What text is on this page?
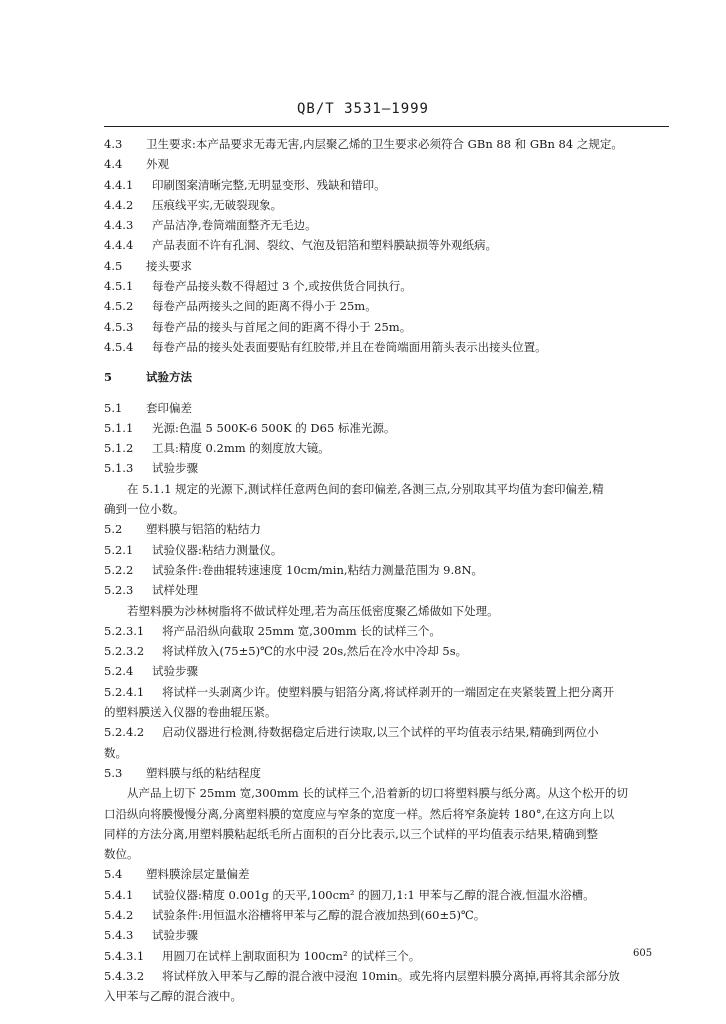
QB/T 3531—1999
4.3 卫生要求:本产品要求无毒无害,内层聚乙烯的卫生要求必须符合 GBn 88 和 GBn 84 之规定。
4.4 外观
4.4.1 印刷图案清晰完整,无明显变形、残缺和错印。
4.4.2 压痕线平实,无破裂现象。
4.4.3 产品洁净,卷筒端面整齐无毛边。
4.4.4 产品表面不许有孔洞、裂纹、气泡及铝箔和塑料膜缺损等外观纸病。
4.5 接头要求
4.5.1 每卷产品接头数不得超过 3 个,或按供货合同执行。
4.5.2 每卷产品两接头之间的距离不得小于 25m。
4.5.3 每卷产品的接头与首尾之间的距离不得小于 25m。
4.5.4 每卷产品的接头处表面要贴有红胶带,并且在卷筒端面用箭头表示出接头位置。
5	试验方法
5.1 套印偏差
5.1.1 光源:色温 5 500K-6 500K 的 D65 标准光源。
5.1.2 工具:精度 0.2mm 的刻度放大镜。
5.1.3 试验步骤
在 5.1.1 规定的光源下,测试样任意两色间的套印偏差,各测三点,分别取其平均值为套印偏差,精
确到一位小数。
5.2 塑料膜与铝箔的粘结力
5.2.1 试验仪器:粘结力测量仪。
5.2.2 试验条件:卷曲辊转速速度 10cm/min,粘结力测量范围为 9.8N。
5.2.3 试样处理
若塑料膜为沙林树脂将不做试样处理,若为高压低密度聚乙烯做如下处理。
5.2.3.1 将产品沿纵向截取 25mm 宽,300mm 长的试样三个。
5.2.3.2 将试样放入(75±5)℃的水中浸 20s,然后在冷水中冷却 5s。
5.2.4 试验步骤
5.2.4.1 将试样一头剥离少许。使塑料膜与铝箔分离,将试样剥开的一端固定在夹紧装置上把分离开
的塑料膜送入仪器的卷曲辊压紧。
5.2.4.2 启动仪器进行检测,待数据稳定后进行读取,以三个试样的平均值表示结果,精确到两位小
数。
5.3 塑料膜与纸的粘结程度
从产品上切下 25mm 宽,300mm 长的试样三个,沿着新的切口将塑料膜与纸分离。从这个松开的切
口沿纵向将膜慢慢分离,分离塑料膜的宽度应与窄条的宽度一样。然后将窄条旋转 180°,在这方向上以
同样的方法分离,用塑料膜粘起纸毛所占面积的百分比表示,以三个试样的平均值表示结果,精确到整
数位。
5.4 塑料膜涂层定量偏差
5.4.1 试验仪器:精度 0.001g 的天平,100cm² 的圆刀,1:1 甲苯与乙醇的混合液,恒温水浴槽。
5.4.2 试验条件:用恒温水浴槽将甲苯与乙醇的混合液加热到(60±5)℃。
5.4.3 试验步骤
5.4.3.1 用圆刀在试样上割取面积为 100cm² 的试样三个。
5.4.3.2 将试样放入甲苯与乙醇的混合液中浸泡 10min。或先将内层塑料膜分离掉,再将其余部分放
入甲苯与乙醇的混合液中。
605
